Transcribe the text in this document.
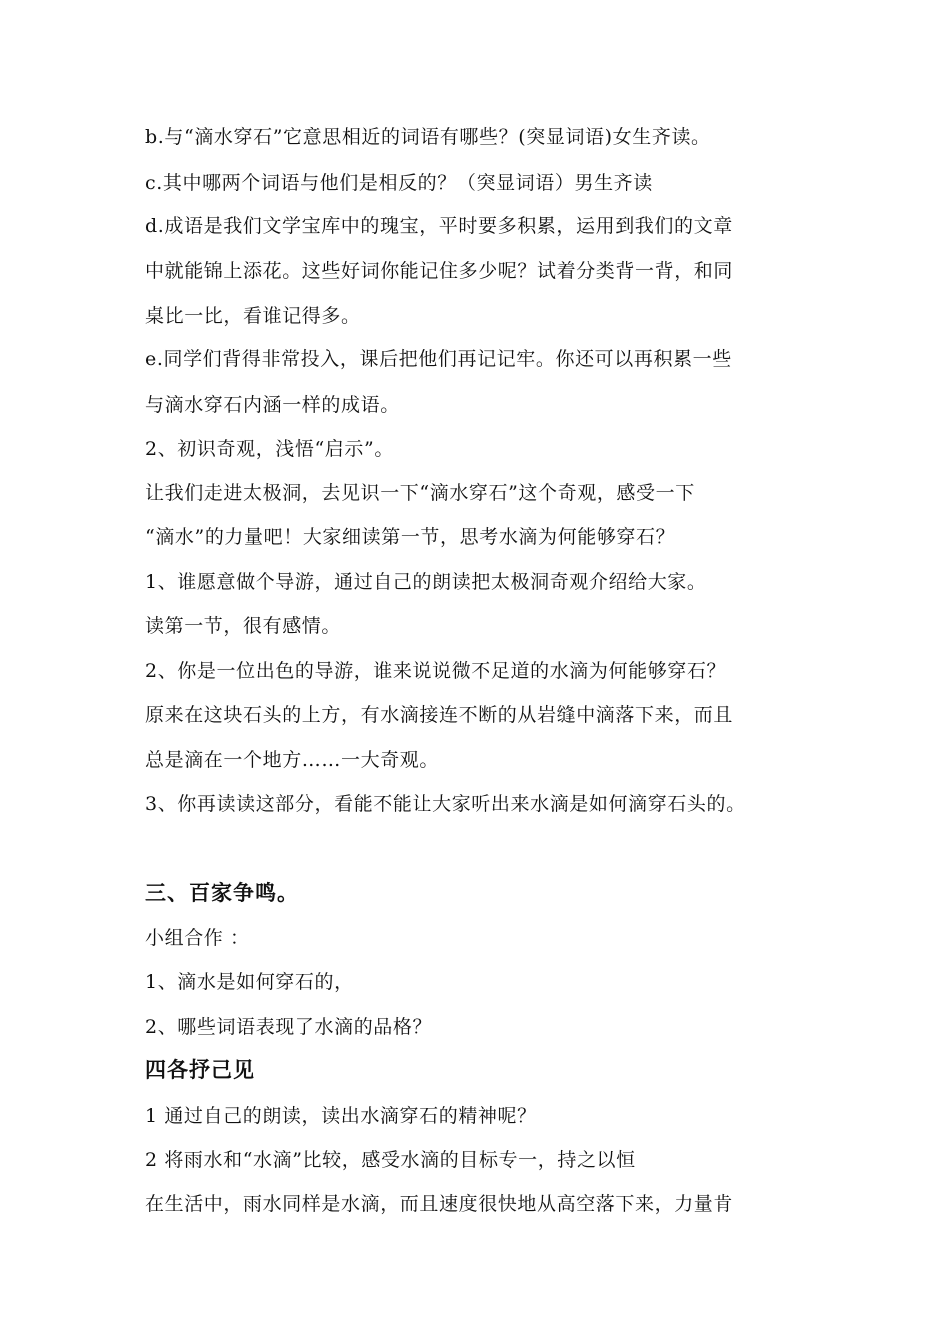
b.与“滴水穿石”它意思相近的词语有哪些？(突显词语)女生齐读。
c.其中哪两个词语与他们是相反的？（突显词语）男生齐读
d.成语是我们文学宝库中的瑰宝，平时要多积累，运用到我们的文章
中就能锦上添花。这些好词你能记住多少呢？试着分类背一背，和同
桌比一比，看谁记得多。
e.同学们背得非常投入，课后把他们再记记牢。你还可以再积累一些
与滴水穿石内涵一样的成语。
2、初识奇观，浅悟“启示”。
让我们走进太极洞，去见识一下“滴水穿石”这个奇观，感受一下
“滴水”的力量吧！大家细读第一节，思考水滴为何能够穿石？
1、谁愿意做个导游，通过自己的朗读把太极洞奇观介绍给大家。
读第一节，很有感情。
2、你是一位出色的导游，谁来说说微不足道的水滴为何能够穿石？
原来在这块石头的上方，有水滴接连不断的从岩缝中滴落下来，而且
总是滴在一个地方……一大奇观。
3、你再读读这部分，看能不能让大家听出来水滴是如何滴穿石头的。
三、百家争鸣。
小组合作 ：
1、滴水是如何穿石的，
2、哪些词语表现了水滴的品格？
四各抒己见
1 通过自己的朗读，读出水滴穿石的精神呢？
2 将雨水和“水滴”比较，感受水滴的目标专一，持之以恒
在生活中，雨水同样是水滴，而且速度很快地从高空落下来，力量肯
